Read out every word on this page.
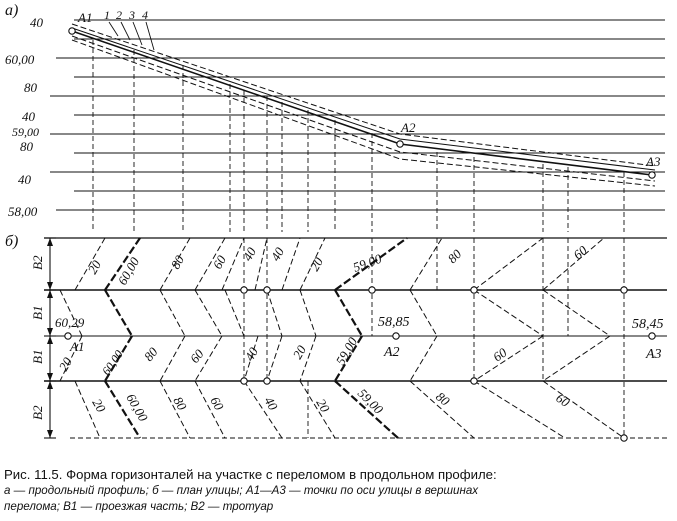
а)
40
60,00
80
40
59,00
80
40
58,00
1 2 3 4
A1
A2
A3
б)
B2
B1
B1
B2
20 60,00 80 60 40 40
20 59,00	80	60
20 60,00 80 60	40 20 59,00	60
20 60,00 80 60	40	20 59,00	80	60
60,29	58,85	58,45
A1	A2	A3
Рис. 11.5. Форма горизонталей на участке с переломом в продольном профиле:
а — продольный профиль; б — план улицы; A1—A3 — точки по оси улицы в вершинах
перелома; B1 — проезжая часть; B2 — тротуар
